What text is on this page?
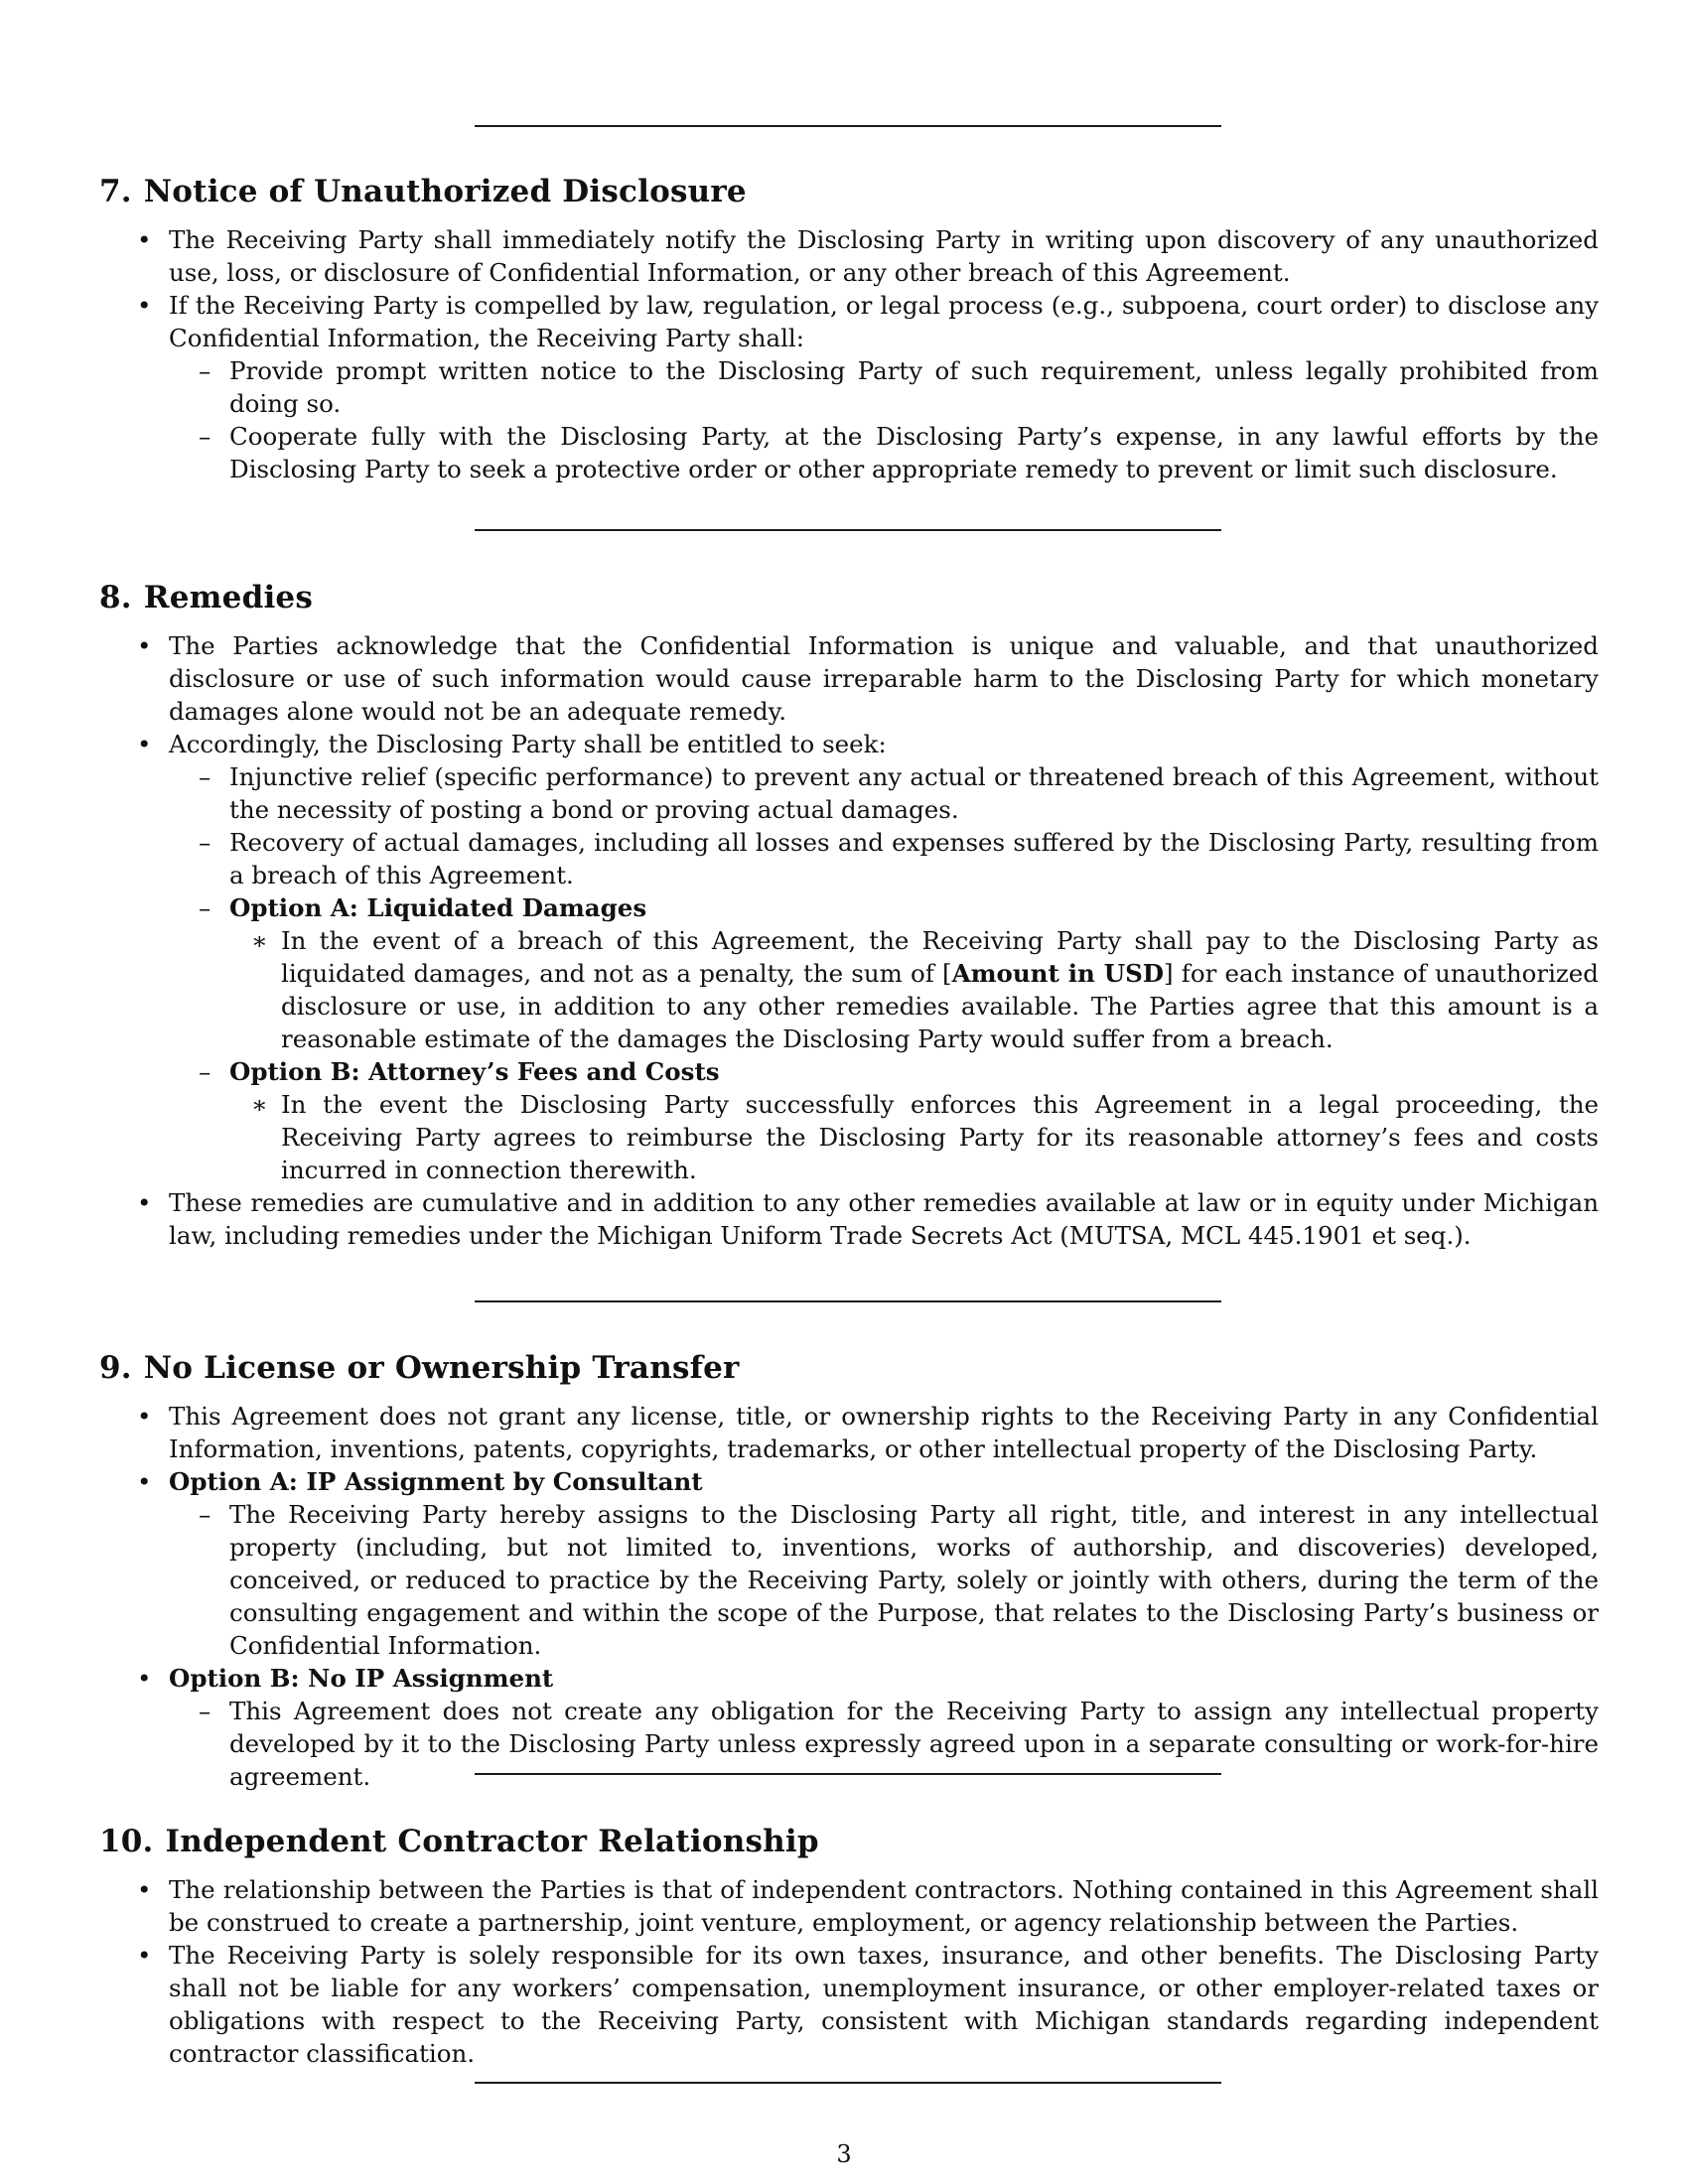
7. Notice of Unauthorized Disclosure
• The Receiving Party shall immediately notify the Disclosing Party in writing upon discovery of any unauthorized use, loss, or disclosure of Confidential Information, or any other breach of this Agreement.
• If the Receiving Party is compelled by law, regulation, or legal process (e.g., subpoena, court order) to disclose any Confidential Information, the Receiving Party shall:
– Provide prompt written notice to the Disclosing Party of such requirement, unless legally prohibited from doing so.
– Cooperate fully with the Disclosing Party, at the Disclosing Party’s expense, in any lawful efforts by the Disclosing Party to seek a protective order or other appropriate remedy to prevent or limit such disclosure.
8. Remedies
• The Parties acknowledge that the Confidential Information is unique and valuable, and that unauthorized disclosure or use of such information would cause irreparable harm to the Disclosing Party for which monetary damages alone would not be an adequate remedy.
• Accordingly, the Disclosing Party shall be entitled to seek:
– Injunctive relief (specific performance) to prevent any actual or threatened breach of this Agreement, without the necessity of posting a bond or proving actual damages.
– Recovery of actual damages, including all losses and expenses suffered by the Disclosing Party, resulting from a breach of this Agreement.
– Option A: Liquidated Damages
∗ In the event of a breach of this Agreement, the Receiving Party shall pay to the Disclosing Party as liquidated damages, and not as a penalty, the sum of [Amount in USD] for each instance of unauthorized disclosure or use, in addition to any other remedies available. The Parties agree that this amount is a reasonable estimate of the damages the Disclosing Party would suffer from a breach.
– Option B: Attorney’s Fees and Costs
∗ In the event the Disclosing Party successfully enforces this Agreement in a legal proceeding, the Receiving Party agrees to reimburse the Disclosing Party for its reasonable attorney’s fees and costs incurred in connection therewith.
• These remedies are cumulative and in addition to any other remedies available at law or in equity under Michigan law, including remedies under the Michigan Uniform Trade Secrets Act (MUTSA, MCL 445.1901 et seq.).
9. No License or Ownership Transfer
• This Agreement does not grant any license, title, or ownership rights to the Receiving Party in any Confidential Information, inventions, patents, copyrights, trademarks, or other intellectual property of the Disclosing Party.
• Option A: IP Assignment by Consultant
– The Receiving Party hereby assigns to the Disclosing Party all right, title, and interest in any intellectual property (including, but not limited to, inventions, works of authorship, and discoveries) developed, conceived, or reduced to practice by the Receiving Party, solely or jointly with others, during the term of the consulting engagement and within the scope of the Purpose, that relates to the Disclosing Party’s business or Confidential Information.
• Option B: No IP Assignment
– This Agreement does not create any obligation for the Receiving Party to assign any intellectual property developed by it to the Disclosing Party unless expressly agreed upon in a separate consulting or work-for-hire agreement.
10. Independent Contractor Relationship
• The relationship between the Parties is that of independent contractors. Nothing contained in this Agreement shall be construed to create a partnership, joint venture, employment, or agency relationship between the Parties.
• The Receiving Party is solely responsible for its own taxes, insurance, and other benefits. The Disclosing Party shall not be liable for any workers’ compensation, unemployment insurance, or other employer-related taxes or obligations with respect to the Receiving Party, consistent with Michigan standards regarding independent contractor classification.
3
